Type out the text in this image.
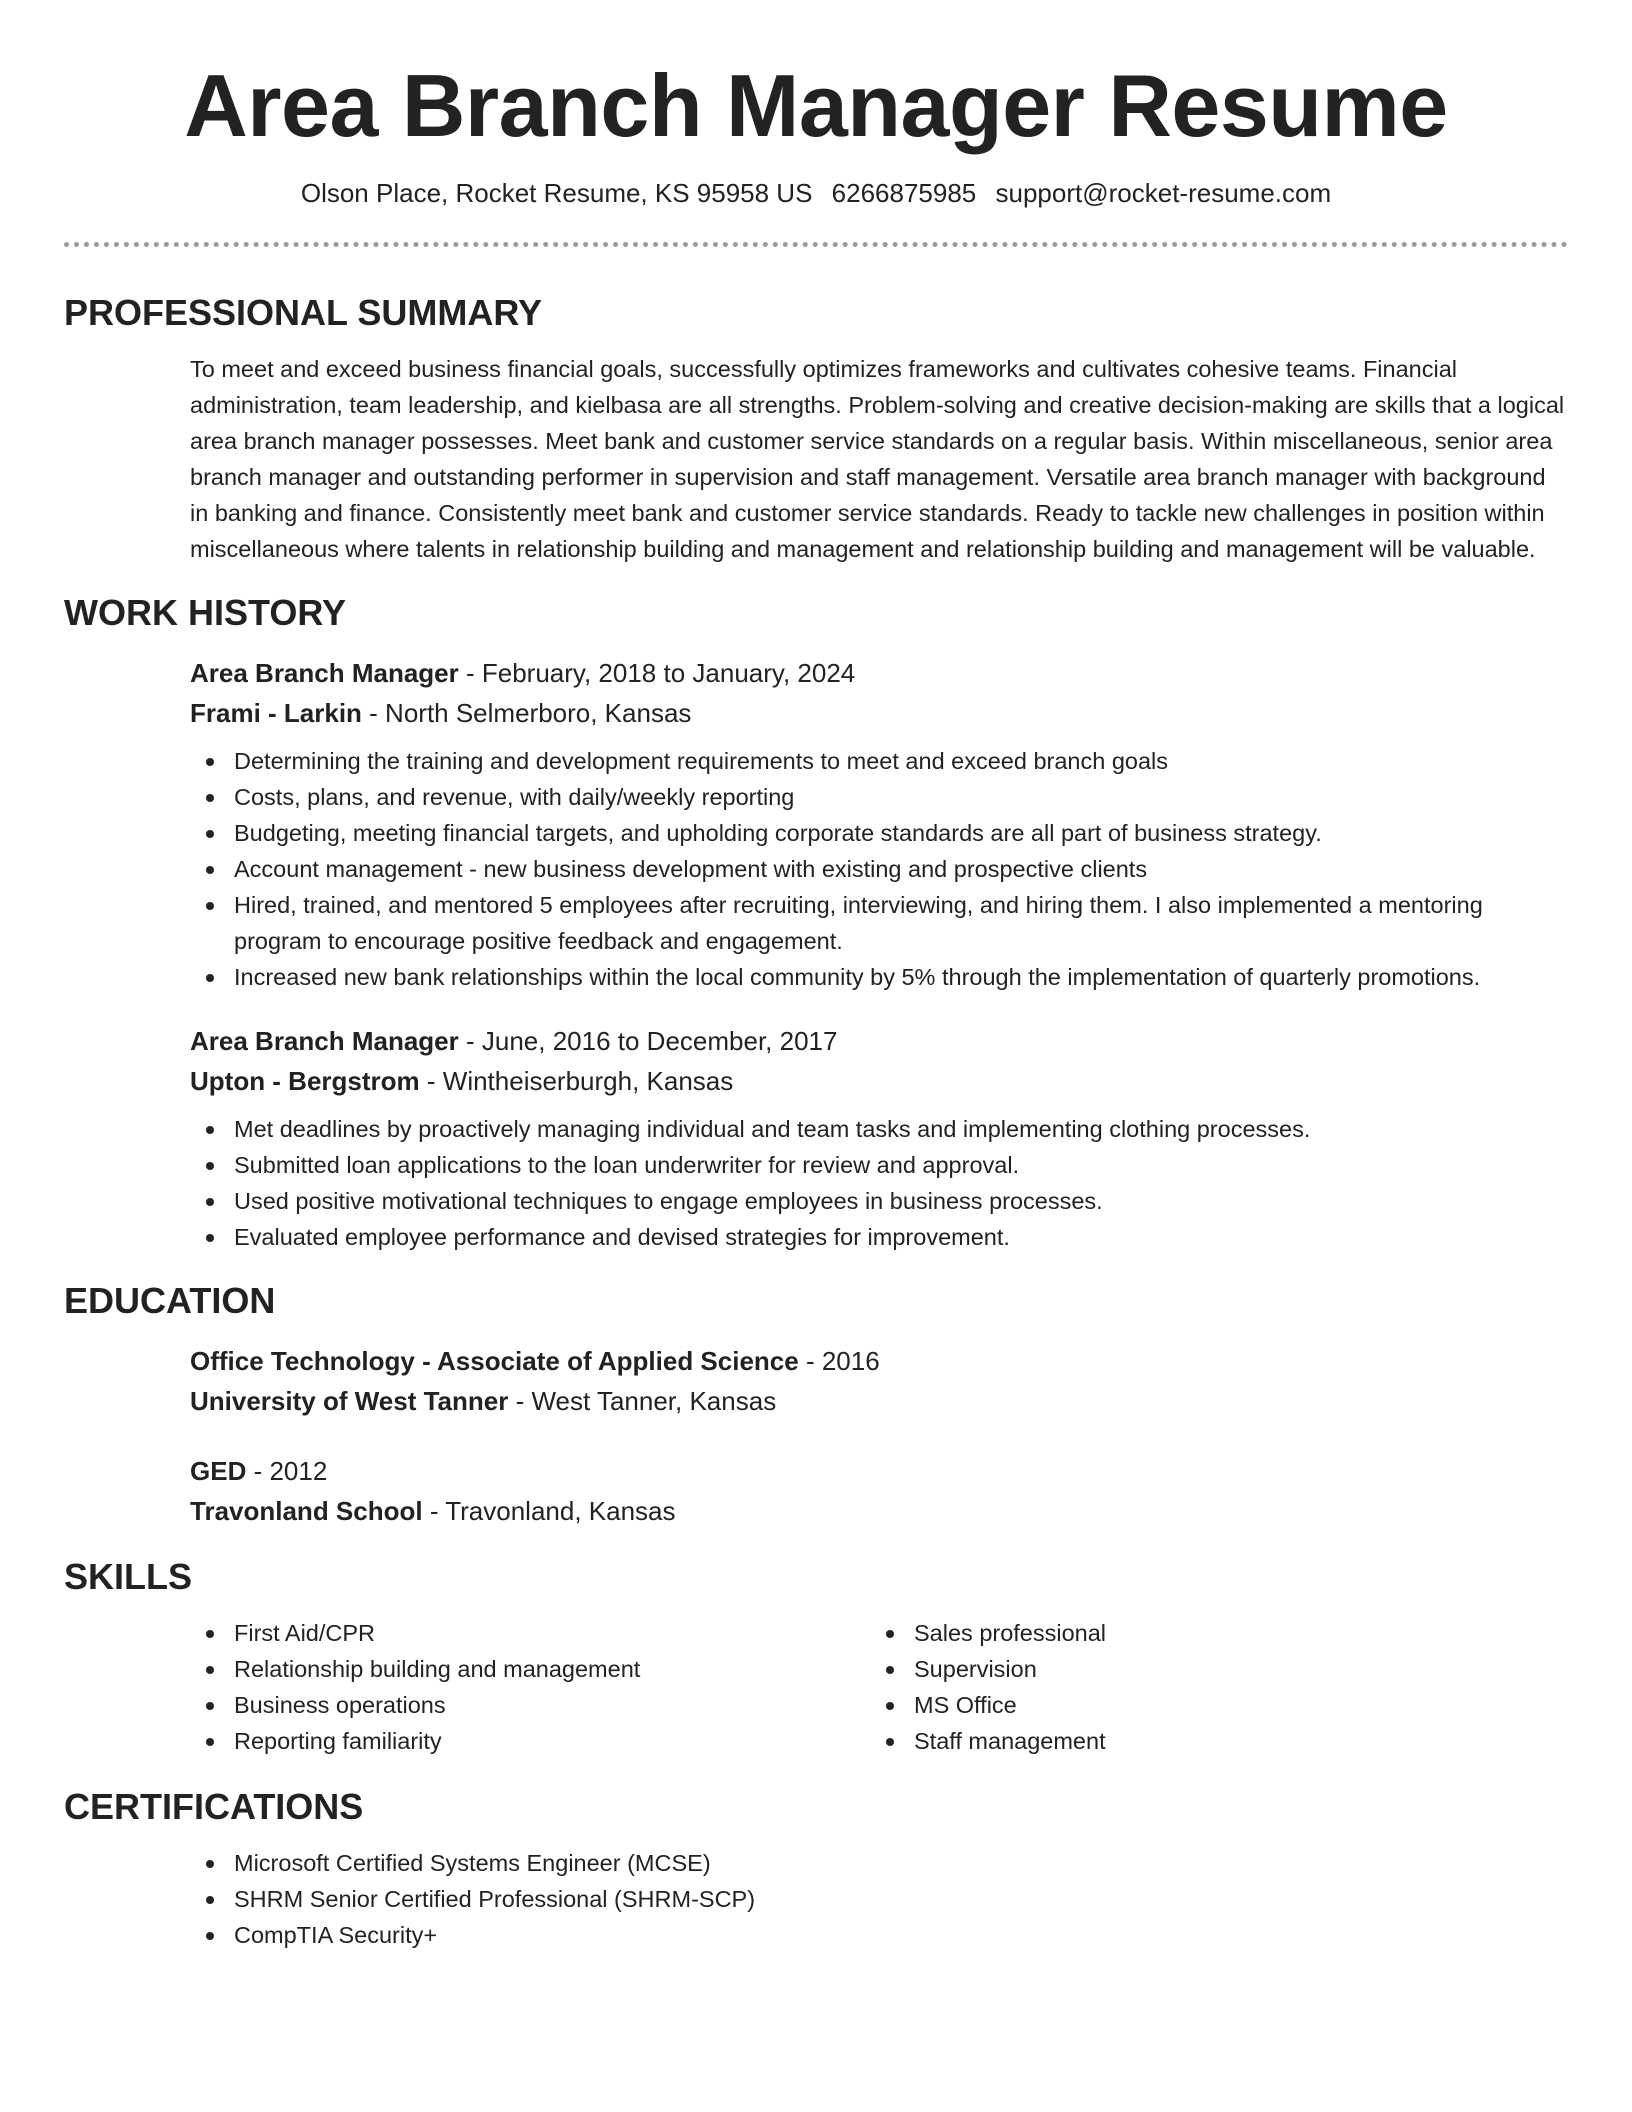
Area Branch Manager Resume
Olson Place, Rocket Resume, KS 95958 US 6266875985 support@rocket-resume.com
PROFESSIONAL SUMMARY

To meet and exceed business financial goals, successfully optimizes frameworks and cultivates cohesive teams. Financial administration, team leadership, and kielbasa are all strengths. Problem-solving and creative decision-making are skills that a logical area branch manager possesses. Meet bank and customer service standards on a regular basis. Within miscellaneous, senior area branch manager and outstanding performer in supervision and staff management. Versatile area branch manager with background in banking and finance. Consistently meet bank and customer service standards. Ready to tackle new challenges in position within miscellaneous where talents in relationship building and management and relationship building and management will be valuable.

WORK HISTORY
Area Branch Manager - February, 2018 to January, 2024
Frami - Larkin - North Selmerboro, Kansas
Determining the training and development requirements to meet and exceed branch goals
Costs, plans, and revenue, with daily/weekly reporting
Budgeting, meeting financial targets, and upholding corporate standards are all part of business strategy.
Account management - new business development with existing and prospective clients
Hired, trained, and mentored 5 employees after recruiting, interviewing, and hiring them. I also implemented a mentoring program to encourage positive feedback and engagement.
Increased new bank relationships within the local community by 5% through the implementation of quarterly promotions.
Area Branch Manager - June, 2016 to December, 2017
Upton - Bergstrom - Wintheiserburgh, Kansas
Met deadlines by proactively managing individual and team tasks and implementing clothing processes.
Submitted loan applications to the loan underwriter for review and approval.
Used positive motivational techniques to engage employees in business processes.
Evaluated employee performance and devised strategies for improvement.
EDUCATION
Office Technology - Associate of Applied Science - 2016
University of West Tanner - West Tanner, Kansas
GED - 2012
Travonland School - Travonland, Kansas
SKILLS
First Aid/CPR
Relationship building and management
Business operations
Reporting familiarity
Sales professional
Supervision
MS Office
Staff management
CERTIFICATIONS
Microsoft Certified Systems Engineer (MCSE)
SHRM Senior Certified Professional (SHRM-SCP)
CompTIA Security+
